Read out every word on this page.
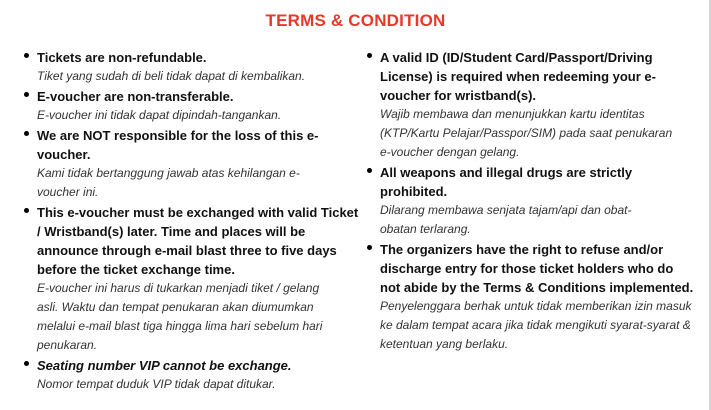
TERMS & CONDITION
Tickets are non-refundable.
Tiket yang sudah di beli tidak dapat di kembalikan.
E-voucher are non-transferable.
E-voucher ini tidak dapat dipindah-tangankan.
We are NOT responsible for the loss of this e-voucher.
Kami tidak bertanggung jawab atas kehilangan e-voucher ini.
This e-voucher must be exchanged with valid Ticket / Wristband(s) later. Time and places will be announce through e-mail blast three to five days before the ticket exchange time.
E-voucher ini harus di tukarkan menjadi tiket / gelang asli. Waktu dan tempat penukaran akan diumumkan melalui e-mail blast tiga hingga lima hari sebelum hari penukaran.
Seating number VIP cannot be exchange.
Nomor tempat duduk VIP tidak dapat ditukar.
A valid ID (ID/Student Card/Passport/Driving License) is required when redeeming your e-voucher for wristband(s).
Wajib membawa dan menunjukkan kartu identitas (KTP/Kartu Pelajar/Passpor/SIM) pada saat penukaran e-voucher dengan gelang.
All weapons and illegal drugs are strictly prohibited.
Dilarang membawa senjata tajam/api dan obat-obatan terlarang.
The organizers have the right to refuse and/or discharge entry for those ticket holders who do not abide by the Terms & Conditions implemented.
Penyelenggara berhak untuk tidak memberikan izin masuk ke dalam tempat acara jika tidak mengikuti syarat-syarat & ketentuan yang berlaku.
